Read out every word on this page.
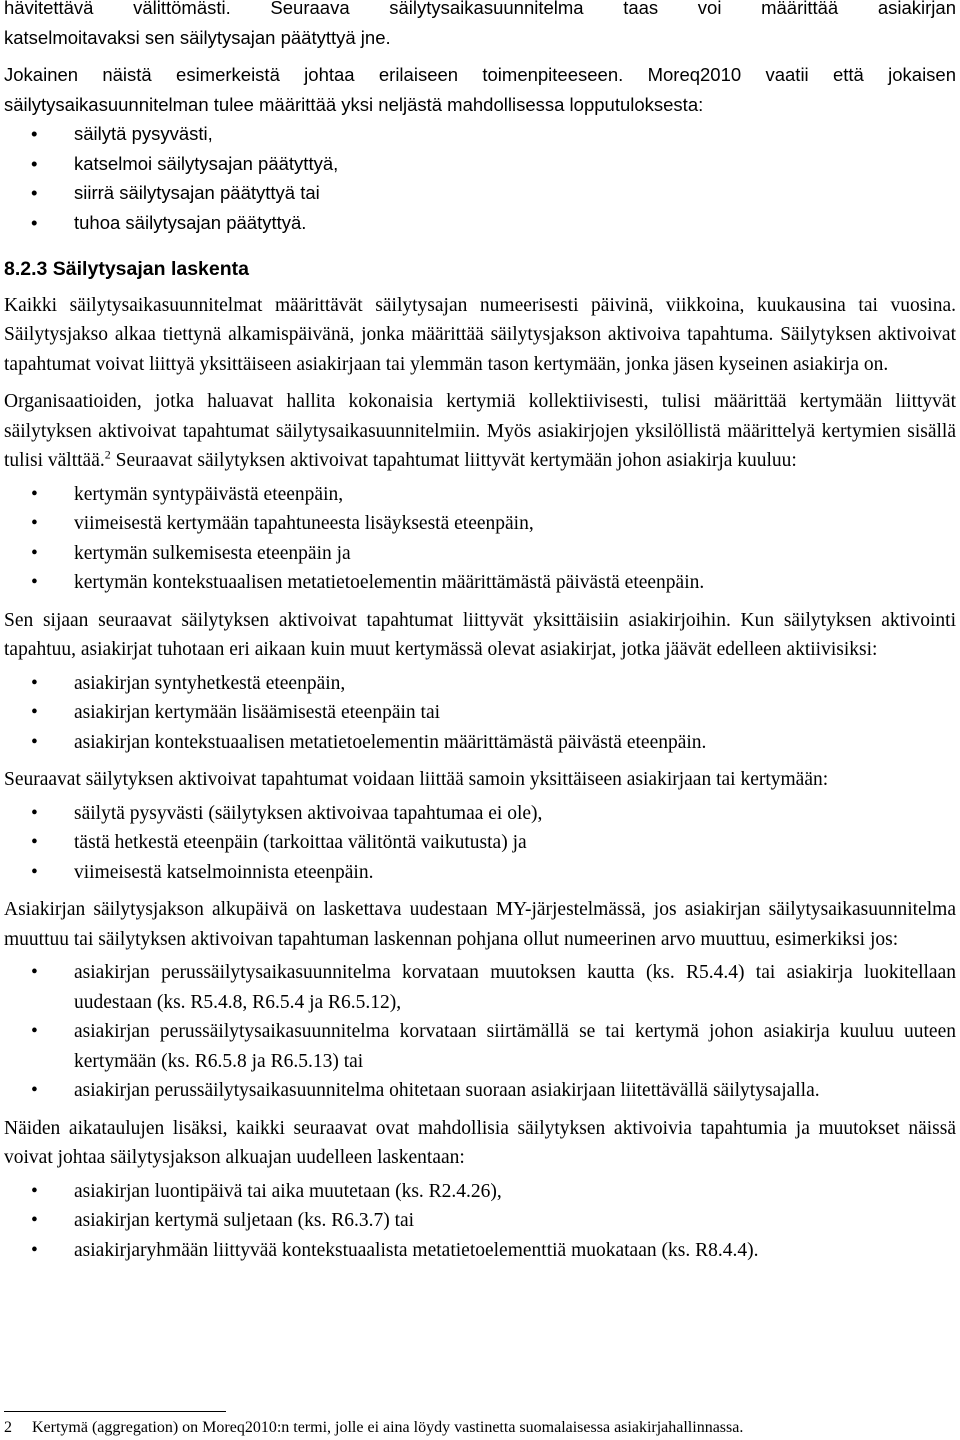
hävitettävä välittömästi. Seuraava säilytysaikasuunnitelma taas voi määrittää asiakirjan

katselmoitavaksi sen säilytysajan päätyttyä jne.

Jokainen näistä esimerkeistä johtaa erilaiseen toimenpiteeseen. Moreq2010 vaatii että jokaisen säilytysaikasuunnitelman tulee määrittää yksi neljästä mahdollisessa lopputuloksesta:

• säilytä pysyvästi,
• katselmoi säilytysajan päätyttyä,
• siirrä säilytysajan päätyttyä tai
• tuhoa säilytysajan päätyttyä.
8.2.3 Säilytysajan laskenta

Kaikki säilytysaikasuunnitelmat määrittävät säilytysajan numeerisesti päivinä, viikkoina, kuukausina tai vuosina. Säilytysjakso alkaa tiettynä alkamispäivänä, jonka määrittää säilytysjakson aktivoiva tapahtuma. Säilytyksen aktivoivat tapahtumat voivat liittyä yksittäiseen asiakirjaan tai ylemmän tason kertymään, jonka jäsen kyseinen asiakirja on.

Organisaatioiden, jotka haluavat hallita kokonaisia kertymiä kollektiivisesti, tulisi määrittää kertymään liittyvät säilytyksen aktivoivat tapahtumat säilytysaikasuunnitelmiin. Myös asiakirjojen yksilöllistä määrittelyä kertymien sisällä tulisi välttää.$^2$ Seuraavat säilytyksen aktivoivat tapahtumat liittyvät kertymään johon asiakirja kuuluu:

• kertymän syntypäivästä eteenpäin,
• viimeisestä kertymään tapahtuneesta lisäyksestä eteenpäin,
• kertymän sulkemisesta eteenpäin ja
• kertymän kontekstuaalisen metatietoelementin määrittämästä päivästä eteenpäin.

Sen sijaan seuraavat säilytyksen aktivoivat tapahtumat liittyvät yksittäisiin asiakirjoihin. Kun säilytyksen aktivointi tapahtuu, asiakirjat tuhotaan eri aikaan kuin muut kertymässä olevat asiakirjat, jotka jäävät edelleen aktiivisiksi:

• asiakirjan syntyhetkestä eteenpäin,
• asiakirjan kertymään lisäämisestä eteenpäin tai
• asiakirjan kontekstuaalisen metatietoelementin määrittämästä päivästä eteenpäin.

Seuraavat säilytyksen aktivoivat tapahtumat voidaan liittää samoin yksittäiseen asiakirjaan tai kertymään:

• säilytä pysyvästi (säilytyksen aktivoivaa tapahtumaa ei ole),
• tästä hetkestä eteenpäin (tarkoittaa välitöntä vaikutusta) ja
• viimeisestä katselmoinnista eteenpäin.

Asiakirjan säilytysjakson alkupäivä on laskettava uudestaan MY-järjestelmässä, jos asiakirjan säilytysaikasuunnitelma muuttuu tai säilytyksen aktivoivan tapahtuman laskennan pohjana ollut numeerinen arvo muuttuu, esimerkiksi jos:

• asiakirjan perussäilytysaikasuunnitelma korvataan muutoksen kautta (ks. R5.4.4) tai asiakirja luokitellaan uudestaan (ks. R5.4.8, R6.5.4 ja R6.5.12),
• asiakirjan perussäilytysaikasuunnitelma korvataan siirtämällä se tai kertymä johon asiakirja kuuluu uuteen kertymään (ks. R6.5.8 ja R6.5.13) tai
• asiakirjan perussäilytysaikasuunnitelma ohitetaan suoraan asiakirjaan liitettävällä säilytysajalla.

Näiden aikataulujen lisäksi, kaikki seuraavat ovat mahdollisia säilytyksen aktivoivia tapahtumia ja muutokset näissä voivat johtaa säilytysjakson alkuajan uudelleen laskentaan:

• asiakirjan luontipäivä tai aika muutetaan (ks. R2.4.26),
• asiakirjan kertymä suljetaan (ks. R6.3.7) tai
• asiakirjaryhmään liittyvää kontekstuaalista metatietoelementtiä muokataan (ks. R8.4.4).
2 Kertymä (aggregation) on Moreq2010:n termi, jolle ei aina löydy vastinetta suomalaisessa asiakirjahallinnassa.
